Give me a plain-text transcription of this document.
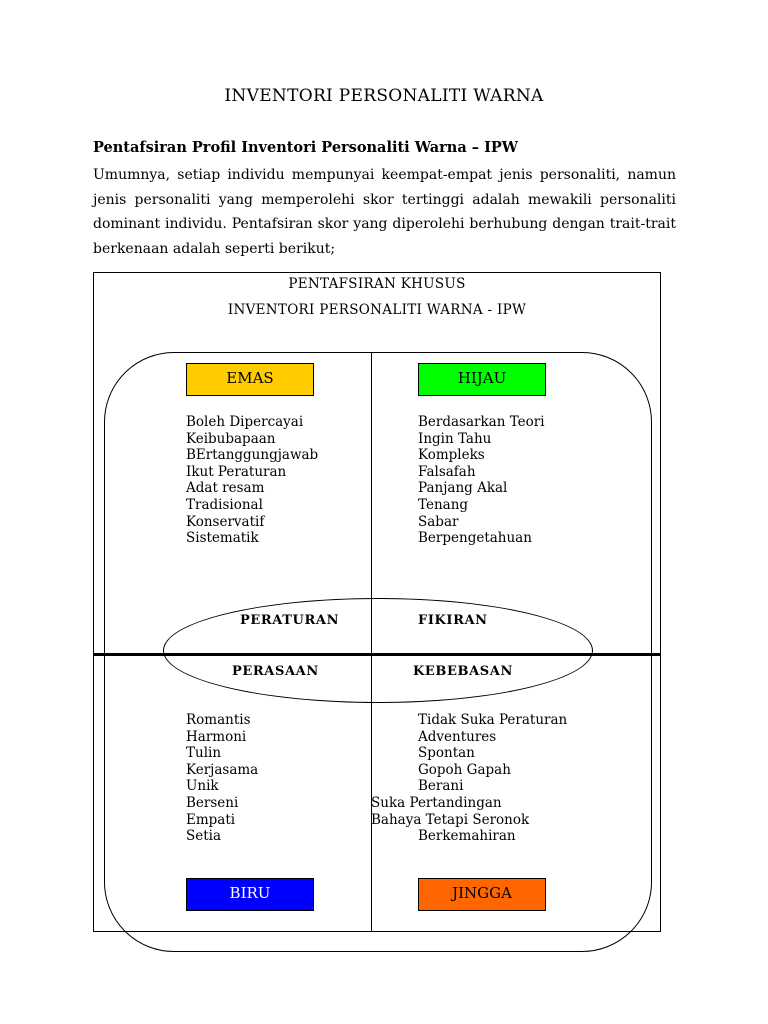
INVENTORI PERSONALITI WARNA
Pentafsiran Profil Inventori Personaliti Warna – IPW

Umumnya, setiap individu mempunyai keempat-empat jenis personaliti, namun jenis personaliti yang memperolehi skor tertinggi adalah mewakili personaliti dominant individu. Pentafsiran skor yang diperolehi berhubung dengan trait-trait berkenaan adalah seperti berikut;

PENTAFSIRAN KHUSUS
INVENTORI PERSONALITI WARNA - IPW
EMAS	HIJAU
BIRU	JINGGA
Boleh Dipercayai
Keibubapaan
BErtanggungjawab
Ikut Peraturan
Adat resam
Tradisional
Konservatif
Sistematik
Berdasarkan Teori
Ingin Tahu
Kompleks
Falsafah
Panjang Akal
Tenang
Sabar
Berpengetahuan
PERATURAN	FIKIRAN
PERASAAN	KEBEBASAN
Romantis
Harmoni
Tulin
Kerjasama
Unik
Berseni
Empati
Setia
Tidak Suka Peraturan
Adventures
Spontan
Gopoh Gapah
Berani
Suka Pertandingan
Bahaya Tetapi Seronok
Berkemahiran
